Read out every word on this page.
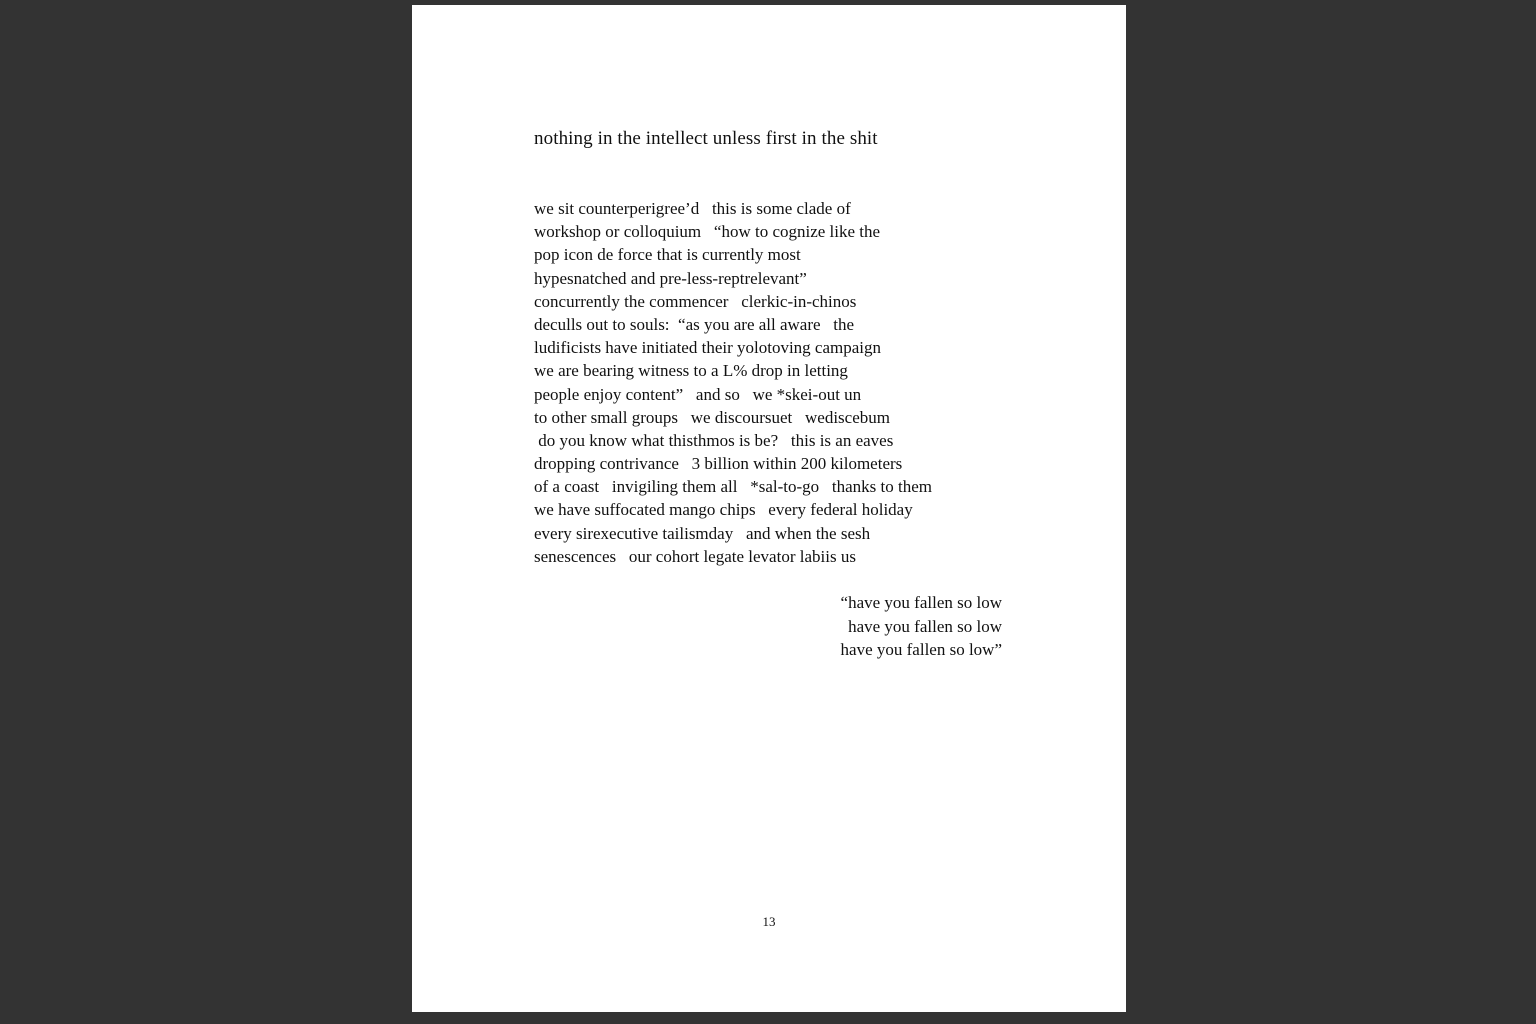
nothing in the intellect unless first in the shit
we sit counterperigree’d   this is some clade of
workshop or colloquium   “how to cognize like the
pop icon de force that is currently most
hypesnatched and pre-less-reptrelevant”
concurrently the commencer   clerkic-in-chinos
deculls out to souls:  “as you are all aware   the
ludificists have initiated their yolotoving campaign
we are bearing witness to a L% drop in letting
people enjoy content”   and so   we *skei-out un
to other small groups   we discoursuet   wediscebum
do you know what thisthmos is be?   this is an eaves
dropping contrivance   3 billion within 200 kilometers
of a coast   invigiling them all   *sal-to-go   thanks to them
we have suffocated mango chips   every federal holiday
every sirexecutive tailismday   and when the sesh
senescences   our cohort legate levator labiis us
“have you fallen so low
have you fallen so low
have you fallen so low”
13
